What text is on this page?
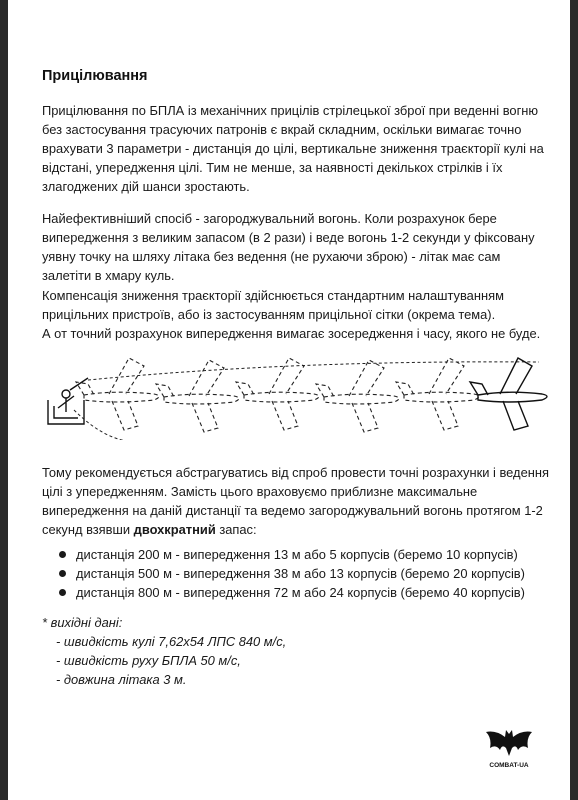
Прицілювання
Прицілювання по БПЛА із механічних прицілів стрілецької зброї при веденні вогню
без застосування трасуючих патронів є вкрай складним, оскільки вимагає точно
врахувати 3 параметри - дистанція до цілі, вертикальне зниження траєкторії кулі на
відстані, упередження цілі. Тим не менше, за наявності декількох стрілків і їх
злагоджених дій шанси зростають.
Найефективніший спосіб - загороджувальний вогонь. Коли розрахунок бере
випередження з великим запасом (в 2 рази) і веде вогонь 1-2 секунди у фіксовану
уявну точку на шляху літака без ведення (не рухаючи зброю) - літак має сам
залетіти в хмару куль.
Компенсація зниження траєкторії здійснюється стандартним налаштуванням
прицільних пристроїв, або із застосуванням прицільної сітки (окрема тема).
А от точний розрахунок випередження вимагає зосередження і часу, якого не буде.
Тому рекомендується абстрагуватись від спроб провести точні розрахунки і ведення
цілі з упередженням. Замість цього враховуємо приблизне максимальне
випередження на даній дистанції та ведемо загороджувальний вогонь протягом 1-2
секунд взявши двохкратний запас:
дистанція 200 м - випередження 13 м або 5 корпусів (беремо 10 корпусів)
дистанція 500 м - випередження 38 м або 13 корпусів (беремо 20 корпусів)
дистанція 800 м - випередження 72 м або 24 корпусів (беремо 40 корпусів)
* вихідні дані:
- швидкість кулі 7,62х54 ЛПС 840 м/с,
- швидкість руху БПЛА 50 м/с,
- довжина літака 3 м.
COMBAT-UA
